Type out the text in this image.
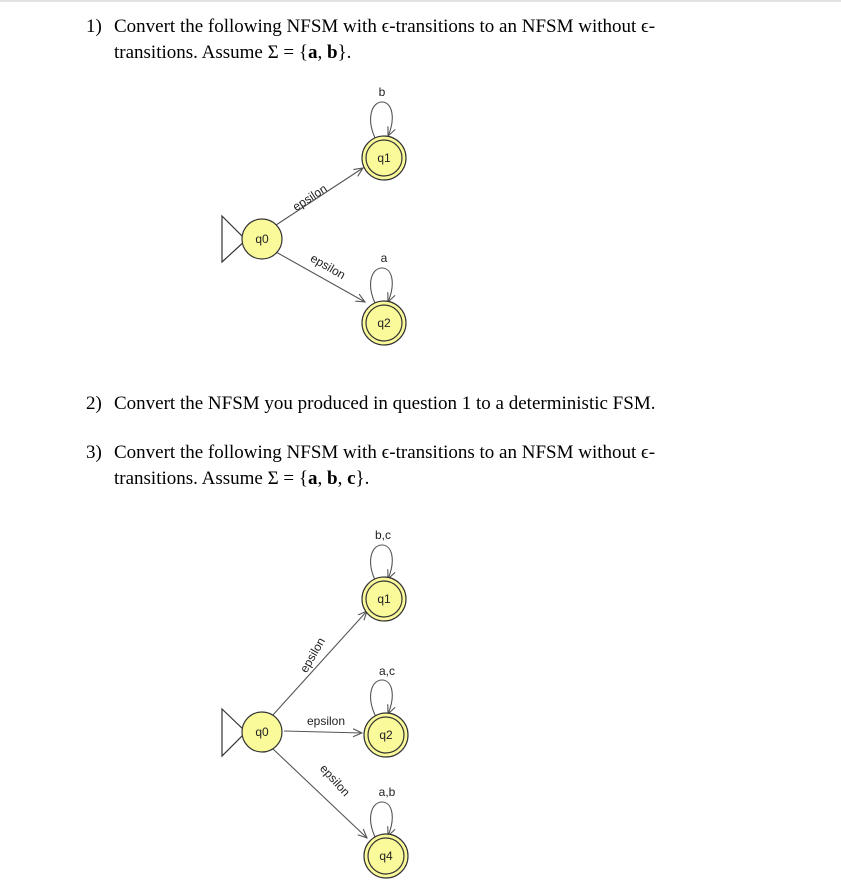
1) Convert the following NFSM with ϵ-transitions to an NFSM without ϵ-
transitions. Assume Σ = {a, b}.
2) Convert the NFSM you produced in question 1 to a deterministic FSM.
3) Convert the following NFSM with ϵ-transitions to an NFSM without ϵ-
transitions. Assume Σ = {a, b, c}.
epsilon
epsilon
b
a
q0
q1
q2
epsilon
epsilon
epsilon
b,c
a,c
a,b
q0
q1
q2
q4
